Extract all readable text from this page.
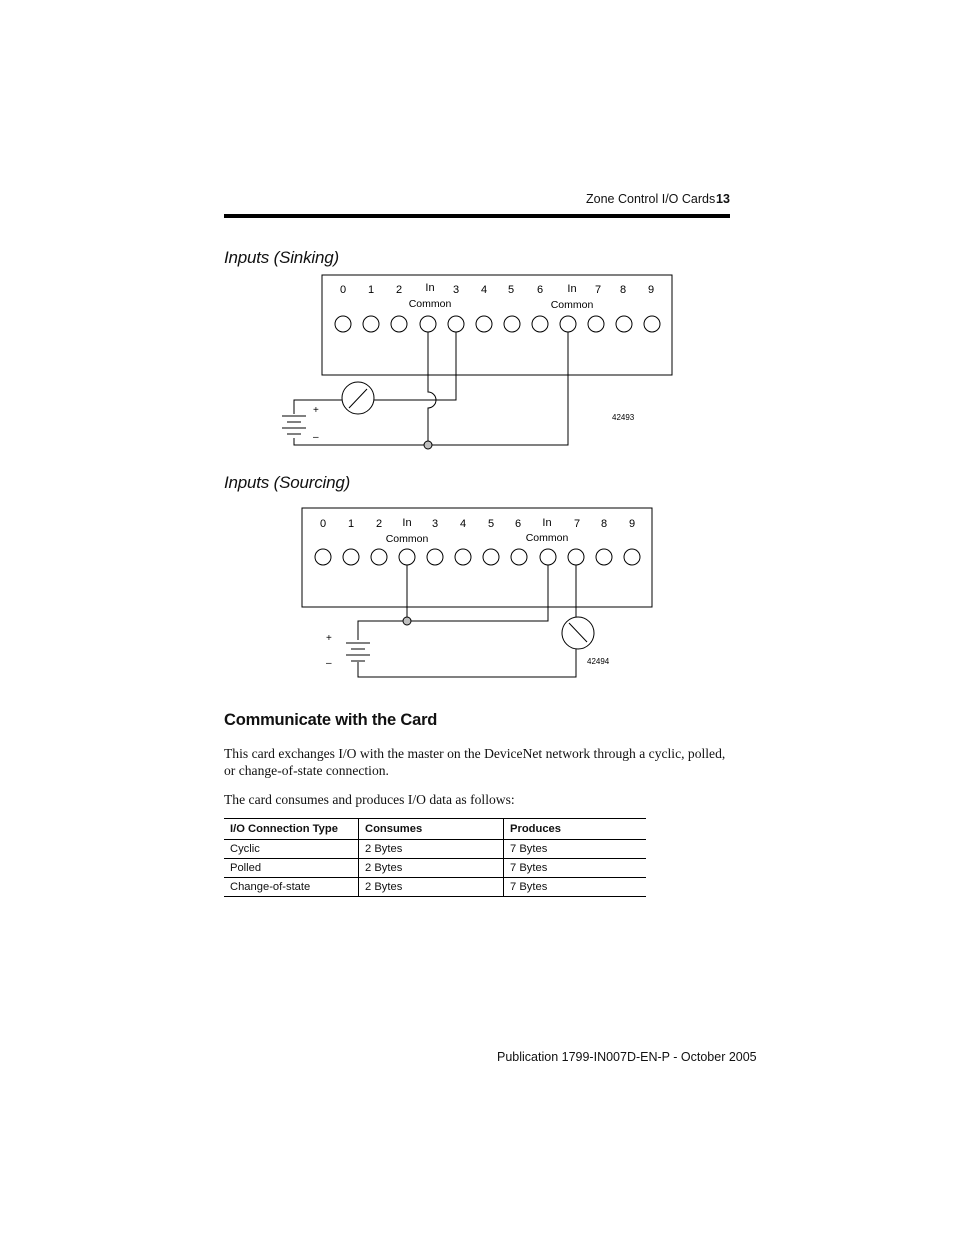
Zone Control I/O Cards 13
Inputs (Sinking)
0 1 2 In 3 4 5 6 In 7 8 9
Common	Common
+
–
42493
Inputs (Sourcing)
0 1 2 In 3 4 5 6 In 7 8 9
Common	Common
+
–	42494
Communicate with the Card
This card exchanges I/O with the master on the DeviceNet network through a cyclic, polled, or change-of-state connection.
The card consumes and produces I/O data as follows:
I/O Connection Type	Consumes	Produces
Cyclic	2 Bytes	7 Bytes
Polled	2 Bytes	7 Bytes
Change-of-state	2 Bytes	7 Bytes
Publication 1799-IN007D-EN-P - October 2005
